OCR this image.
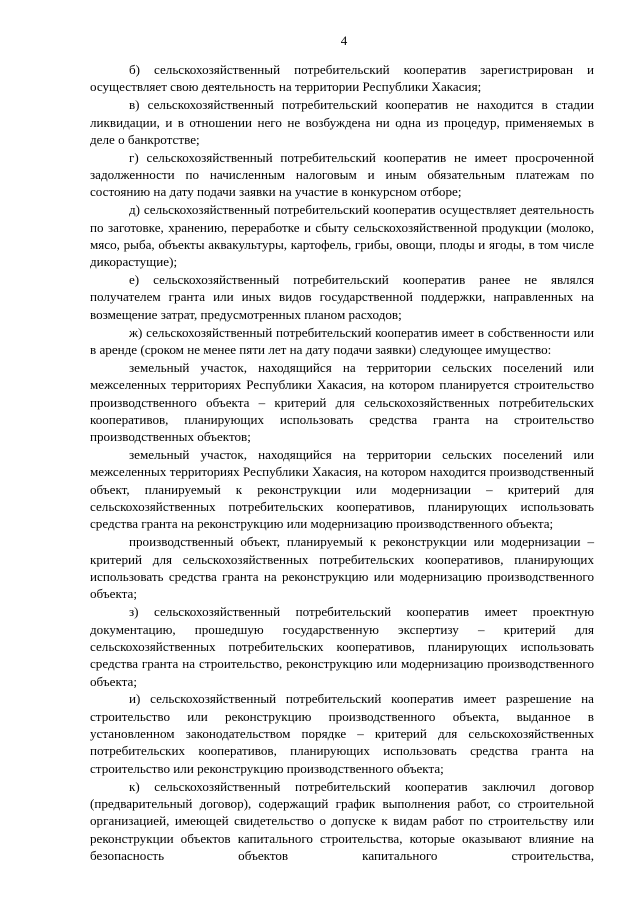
4

б) сельскохозяйственный потребительский кооператив зарегистрирован и осуществляет свою деятельность на территории Республики Хакасия;

в) сельскохозяйственный потребительский кооператив не находится в стадии ликвидации, и в отношении него не возбуждена ни одна из процедур, применяемых в деле о банкротстве;

г) сельскохозяйственный потребительский кооператив не имеет просроченной задолженности по начисленным налоговым и иным обязательным платежам по состоянию на дату подачи заявки на участие в конкурсном отборе;

д) сельскохозяйственный потребительский кооператив осуществляет деятельность по заготовке, хранению, переработке и сбыту сельскохозяйственной продукции (молоко, мясо, рыба, объекты аквакультуры, картофель, грибы, овощи, плоды и ягоды, в том числе дикорастущие);

е) сельскохозяйственный потребительский кооператив ранее не являлся получателем гранта или иных видов государственной поддержки, направленных на возмещение затрат, предусмотренных планом расходов;

ж) сельскохозяйственный потребительский кооператив имеет в собственности или в аренде (сроком не менее пяти лет на дату подачи заявки) следующее имущество:

земельный участок, находящийся на территории сельских поселений или межселенных территориях Республики Хакасия, на котором планируется строительство производственного объекта – критерий для сельскохозяйственных потребительских кооперативов, планирующих использовать средства гранта на строительство производственных объектов;

земельный участок, находящийся на территории сельских поселений или межселенных территориях Республики Хакасия, на котором находится производственный объект, планируемый к реконструкции или модернизации – критерий для сельскохозяйственных потребительских кооперативов, планирующих использовать средства гранта на реконструкцию или модернизацию производственного объекта;

производственный объект, планируемый к реконструкции или модернизации – критерий для сельскохозяйственных потребительских кооперативов, планирующих использовать средства гранта на реконструкцию или модернизацию производственного объекта;

з) сельскохозяйственный потребительский кооператив имеет проектную документацию, прошедшую государственную экспертизу – критерий для сельскохозяйственных потребительских кооперативов, планирующих использовать средства гранта на строительство, реконструкцию или модернизацию производственного объекта;

и) сельскохозяйственный потребительский кооператив имеет разрешение на строительство или реконструкцию производственного объекта, выданное в установленном законодательством порядке – критерий для сельскохозяйственных потребительских кооперативов, планирующих использовать средства гранта на строительство или реконструкцию производственного объекта;

к) сельскохозяйственный потребительский кооператив заключил договор (предварительный договор), содержащий график выполнения работ, со строительной организацией, имеющей свидетельство о допуске к видам работ по строительству или реконструкции объектов капитального строительства, которые оказывают влияние на безопасность объектов капитального строительства,
